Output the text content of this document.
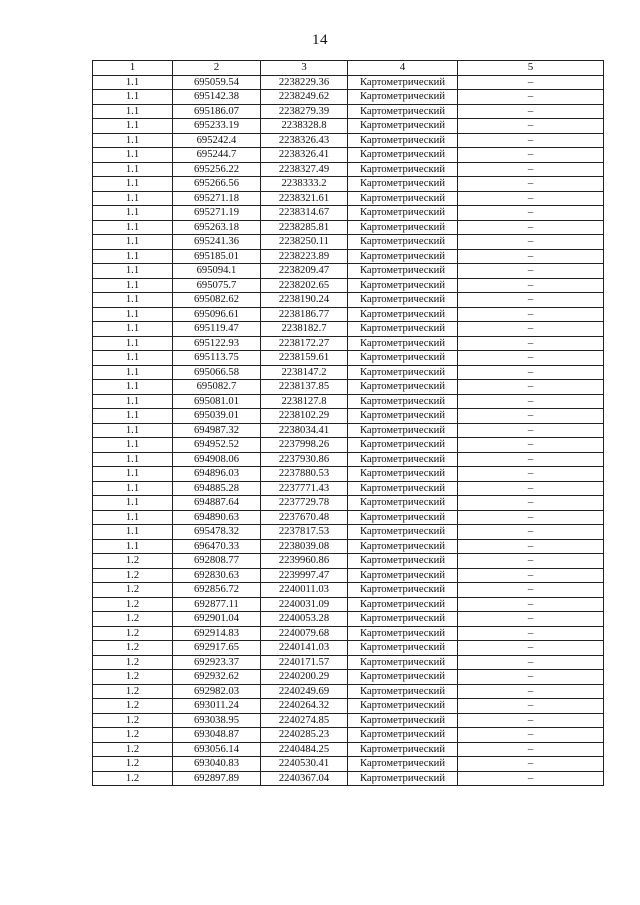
14
1	2	3	4	5
1.1	695059.54	2238229.36	Картометрический	–
1.1	695142.38	2238249.62	Картометрический	–
1.1	695186.07	2238279.39	Картометрический	–
1.1	695233.19	2238328.8	Картометрический	–
1.1	695242.4	2238326.43	Картометрический	–
1.1	695244.7	2238326.41	Картометрический	–
1.1	695256.22	2238327.49	Картометрический	–
1.1	695266.56	2238333.2	Картометрический	–
1.1	695271.18	2238321.61	Картометрический	–
1.1	695271.19	2238314.67	Картометрический	–
1.1	695263.18	2238285.81	Картометрический	–
1.1	695241.36	2238250.11	Картометрический	–
1.1	695185.01	2238223.89	Картометрический	–
1.1	695094.1	2238209.47	Картометрический	–
1.1	695075.7	2238202.65	Картометрический	–
1.1	695082.62	2238190.24	Картометрический	–
1.1	695096.61	2238186.77	Картометрический	–
1.1	695119.47	2238182.7	Картометрический	–
1.1	695122.93	2238172.27	Картометрический	–
1.1	695113.75	2238159.61	Картометрический	–
1.1	695066.58	2238147.2	Картометрический	–
1.1	695082.7	2238137.85	Картометрический	–
1.1	695081.01	2238127.8	Картометрический	–
1.1	695039.01	2238102.29	Картометрический	–
1.1	694987.32	2238034.41	Картометрический	–
1.1	694952.52	2237998.26	Картометрический	–
1.1	694908.06	2237930.86	Картометрический	–
1.1	694896.03	2237880.53	Картометрический	–
1.1	694885.28	2237771.43	Картометрический	–
1.1	694887.64	2237729.78	Картометрический	–
1.1	694890.63	2237670.48	Картометрический	–
1.1	695478.32	2237817.53	Картометрический	–
1.1	696470.33	2238039.08	Картометрический	–
1.2	692808.77	2239960.86	Картометрический	–
1.2	692830.63	2239997.47	Картометрический	–
1.2	692856.72	2240011.03	Картометрический	–
1.2	692877.11	2240031.09	Картометрический	–
1.2	692901.04	2240053.28	Картометрический	–
1.2	692914.83	2240079.68	Картометрический	–
1.2	692917.65	2240141.03	Картометрический	–
1.2	692923.37	2240171.57	Картометрический	–
1.2	692932.62	2240200.29	Картометрический	–
1.2	692982.03	2240249.69	Картометрический	–
1.2	693011.24	2240264.32	Картометрический	–
1.2	693038.95	2240274.85	Картометрический	–
1.2	693048.87	2240285.23	Картометрический	–
1.2	693056.14	2240484.25	Картометрический	–
1.2	693040.83	2240530.41	Картометрический	–
1.2	692897.89	2240367.04	Картометрический	–
